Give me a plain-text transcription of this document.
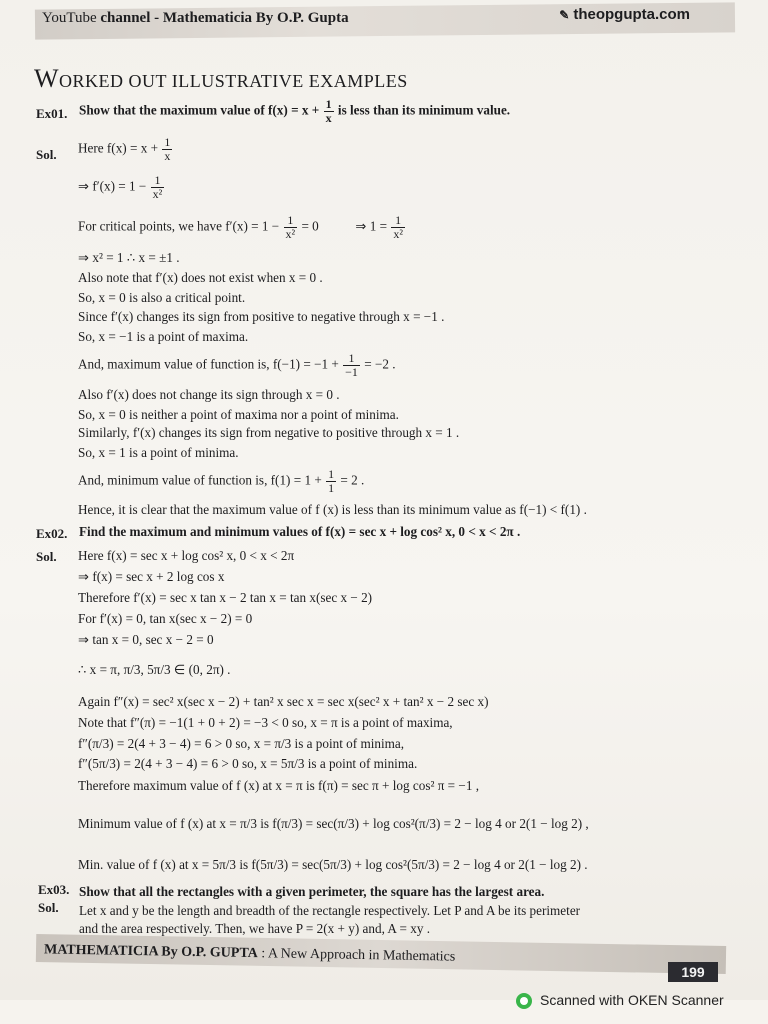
YouTube channel - Mathematicia By O.P. Gupta	✎ theopgupta.com
WORKED OUT ILLUSTRATIVE EXAMPLES
Ex01. Show that the maximum value of $f(x) = x + \frac{1}{x}$ is less than its minimum value.
Sol. Here $f(x) = x + \frac{1}{x}$
⇒ $f'(x) = 1 - \frac{1}{\text{x²}}$
For critical points, we have $f'(x) = 1 - \frac{1}{\text{x²}} = 0$	⇒ $1 = \frac{1}{\text{x²}}$
⇒ x² = 1 ∴ x = ±1 .
Also note that f′(x) does not exist when x = 0 .
So, x = 0 is also a critical point.
Since f′(x) changes its sign from positive to negative through x = −1 .
So, x = −1 is a point of maxima.
And, maximum value of function is, $f(-1) = -1 + \frac{1}{-1} = -2$ .
Also f′(x) does not change its sign through x = 0 .
So, x = 0 is neither a point of maxima nor a point of minima.
Similarly, f′(x) changes its sign from negative to positive through x = 1 .
So, x = 1 is a point of minima.
And, minimum value of function is, $f(1) = 1 + \frac{1}{1} = 2$ .
Hence, it is clear that the maximum value of f (x) is less than its minimum value as f(−1) < f(1) .
Ex02. Find the maximum and minimum values of f(x) = sec x + log cos² x, 0 < x < 2π .
Sol. Here f(x) = sec x + log cos² x, 0 < x < 2π
⇒ f(x) = sec x + 2 log cos x
Therefore f′(x) = sec x tan x − 2 tan x = tan x(sec x − 2)
For f′(x) = 0, tan x(sec x − 2) = 0
⇒ tan x = 0, sec x − 2 = 0
∴ x = π, π/3, 5π/3 ∈ (0, 2π) .
Again f″(x) = sec² x(sec x − 2) + tan² x sec x = sec x(sec² x + tan² x − 2 sec x)
Note that f″(π) = −1(1 + 0 + 2) = −3 < 0 so, x = π is a point of maxima,
f″(π/3) = 2(4 + 3 − 4) = 6 > 0 so, x = π/3 is a point of minima,
f″(5π/3) = 2(4 + 3 − 4) = 6 > 0 so, x = 5π/3 is a point of minima.
Therefore maximum value of f (x) at x = π is f(π) = sec π + log cos² π = −1 ,
Minimum value of f (x) at x = π/3 is f(π/3) = sec(π/3) + log cos²(π/3) = 2 − log 4 or 2(1 − log 2) ,
Min. value of f (x) at x = 5π/3 is f(5π/3) = sec(5π/3) + log cos²(5π/3) = 2 − log 4 or 2(1 − log 2) .
Ex03. Show that all the rectangles with a given perimeter, the square has the largest area.
Sol. Let x and y be the length and breadth of the rectangle respectively. Let P and A be its perimeter
and the area respectively. Then, we have P = 2(x + y) and, A = xy .
MATHEMATICIA By O.P. GUPTA : A New Approach in Mathematics
199
Scanned with OKEN Scanner
